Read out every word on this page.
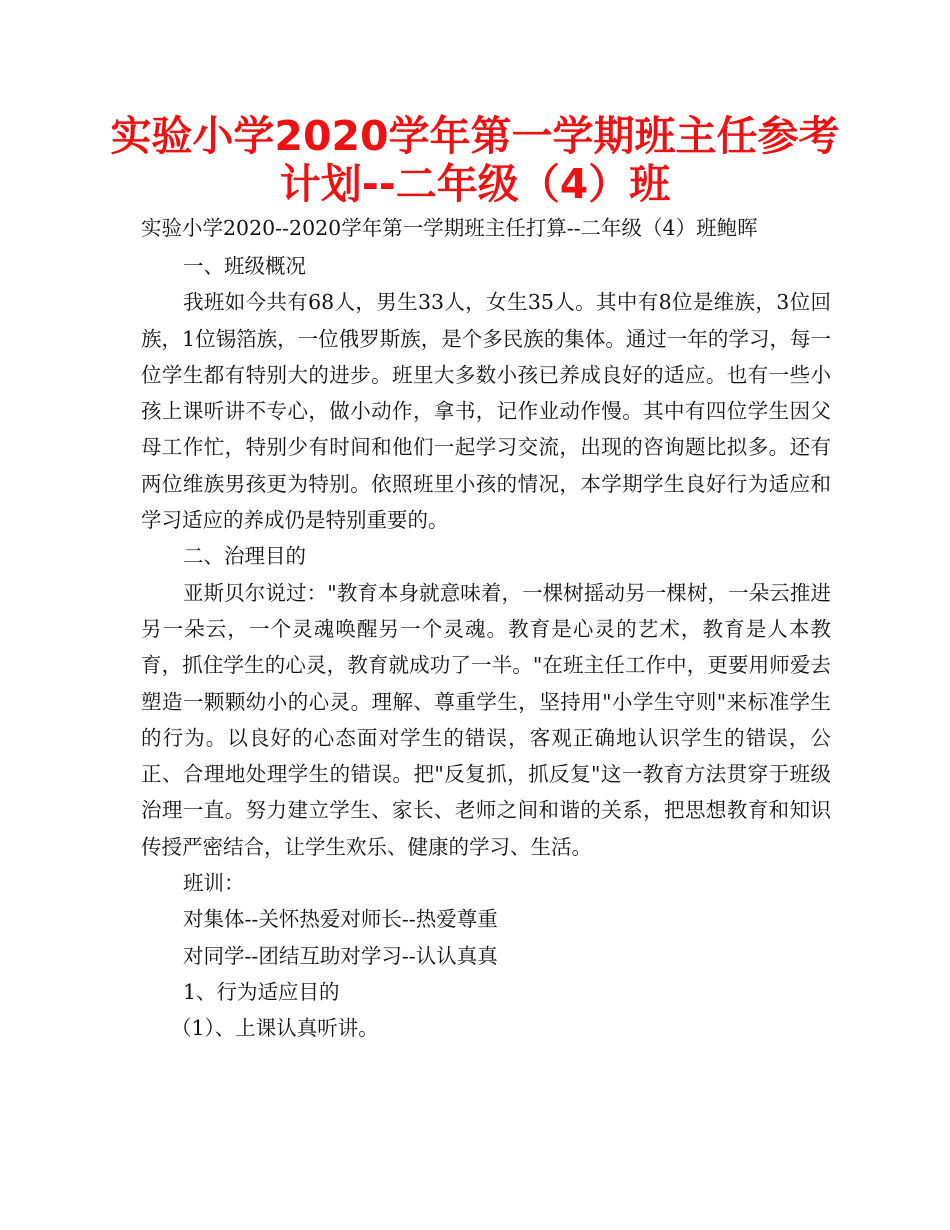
实验小学2020学年第一学期班主任参考计划--二年级（4）班

实验小学2020--2020学年第一学期班主任打算--二年级（4）班鲍晖

一、班级概况

我班如今共有68人，男生33人，女生35人。其中有8位是维族，3位回族，1位锡箔族，一位俄罗斯族，是个多民族的集体。通过一年的学习，每一位学生都有特别大的进步。班里大多数小孩已养成良好的适应。也有一些小孩上课听讲不专心，做小动作，拿书，记作业动作慢。其中有四位学生因父母工作忙，特别少有时间和他们一起学习交流，出现的咨询题比拟多。还有两位维族男孩更为特别。依照班里小孩的情况，本学期学生良好行为适应和学习适应的养成仍是特别重要的。

二、治理目的

亚斯贝尔说过："教育本身就意味着，一棵树摇动另一棵树，一朵云推进另一朵云，一个灵魂唤醒另一个灵魂。教育是心灵的艺术，教育是人本教育，抓住学生的心灵，教育就成功了一半。"在班主任工作中，更要用师爱去塑造一颗颗幼小的心灵。理解、尊重学生，坚持用"小学生守则"来标准学生的行为。以良好的心态面对学生的错误，客观正确地认识学生的错误，公正、合理地处理学生的错误。把"反复抓，抓反复"这一教育方法贯穿于班级治理一直。努力建立学生、家长、老师之间和谐的关系，把思想教育和知识传授严密结合，让学生欢乐、健康的学习、生活。

班训：

对集体--关怀热爱对师长--热爱尊重

对同学--团结互助对学习--认认真真

1、行为适应目的

（1）、上课认真听讲。
